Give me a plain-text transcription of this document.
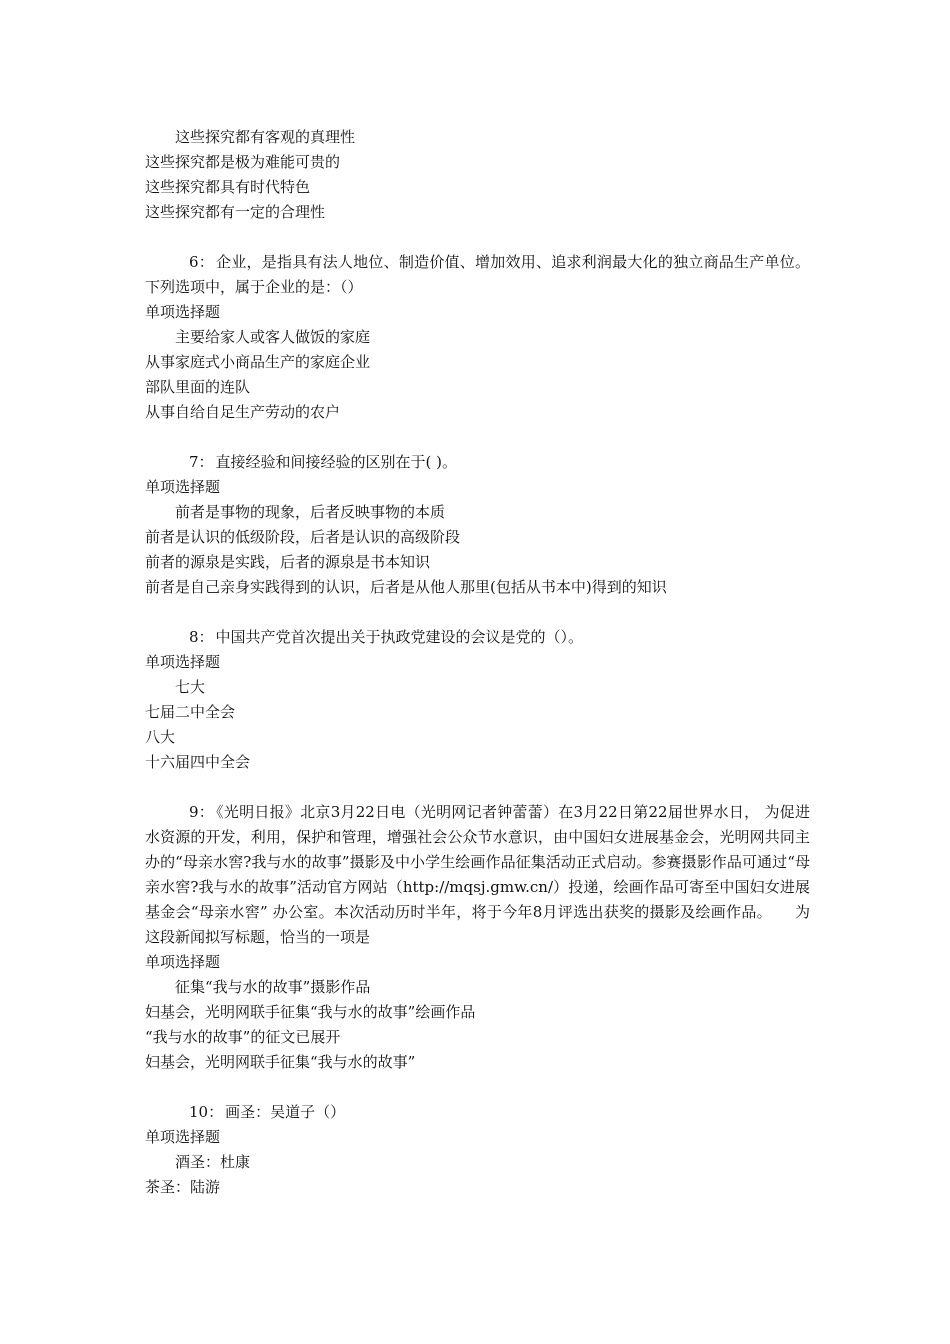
这些探究都有客观的真理性
这些探究都是极为难能可贵的
这些探究都具有时代特色
这些探究都有一定的合理性
6： 企业，是指具有法人地位、制造价值、增加效用、追求利润最大化的独立商品生产单位。下列选项中，属于企业的是：（）
单项选择题
主要给家人或客人做饭的家庭
从事家庭式小商品生产的家庭企业
部队里面的连队
从事自给自足生产劳动的农户
7： 直接经验和间接经验的区别在于( )。
单项选择题
前者是事物的现象，后者反映事物的本质
前者是认识的低级阶段，后者是认识的高级阶段
前者的源泉是实践，后者的源泉是书本知识
前者是自己亲身实践得到的认识，后者是从他人那里(包括从书本中)得到的知识
8： 中国共产党首次提出关于执政党建设的会议是党的（）。
单项选择题
七大
七届二中全会
八大
十六届四中全会
9： 《光明日报》北京3月22日电（光明网记者钟蕾蕾）在3月22日第22届世界水日， 为促进水资源的开发，利用，保护和管理，增强社会公众节水意识，由中国妇女进展基金会，光明网共同主办的“母亲水窖?我与水的故事”摄影及中小学生绘画作品征集活动正式启动。参赛摄影作品可通过“母亲水窖?我与水的故事”活动官方网站（http://mqsj.gmw.cn/）投递，绘画作品可寄至中国妇女进展基金会“母亲水窖” 办公室。本次活动历时半年，将于今年8月评选出获奖的摄影及绘画作品。　　为这段新闻拟写标题，恰当的一项是
单项选择题
征集“我与水的故事”摄影作品
妇基会，光明网联手征集“我与水的故事”绘画作品
“我与水的故事”的征文已展开
妇基会，光明网联手征集“我与水的故事”
10： 画圣：吴道子（）
单项选择题
酒圣：杜康
茶圣：陆游
